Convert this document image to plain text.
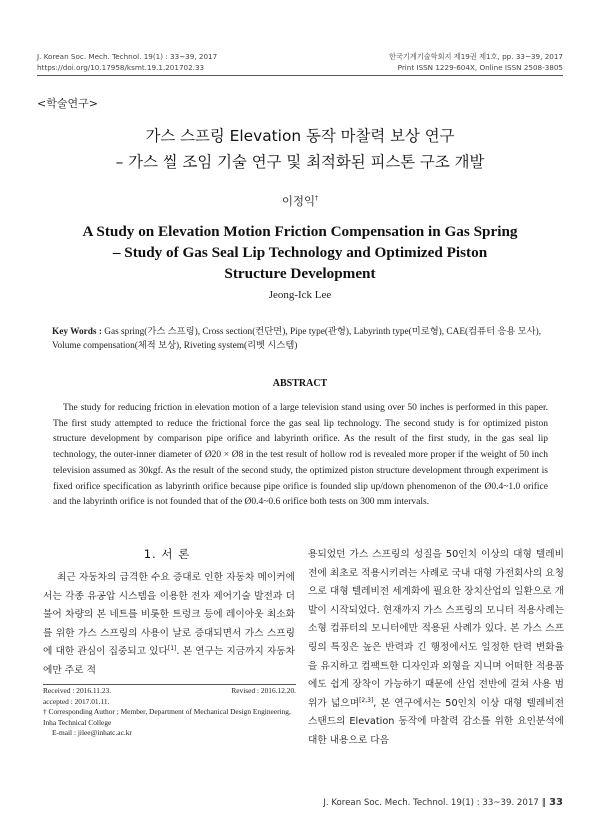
J. Korean Soc. Mech. Technol. 19(1) : 33~39, 2017
https://doi.org/10.17958/ksmt.19.1.201702.33
한국기계기술학회지 제19권 제1호, pp. 33~39, 2017
Print ISSN 1229-604X, Online ISSN 2508-3805
<학술연구>
가스 스프링 Elevation 동작 마찰력 보상 연구
– 가스 씰 조임 기술 연구 및 최적화된 피스톤 구조 개발
이정익†
A Study on Elevation Motion Friction Compensation in Gas Spring
– Study of Gas Seal Lip Technology and Optimized Piston
Structure Development
Jeong-Ick Lee
Key Words : Gas spring(가스 스프링), Cross section(컨단면), Pipe type(관형), Labyrinth type(미로형), CAE(컴퓨터 응용 모사), Volume compensation(체적 보상), Riveting system(리벳 시스템)
ABSTRACT
The study for reducing friction in elevation motion of a large television stand using over 50 inches is performed in this paper. The first study attempted to reduce the frictional force the gas seal lip technology. The second study is for optimized piston structure development by comparison pipe orifice and labyrinth orifice. As the result of the first study, in the gas seal lip technology, the outer-inner diameter of Ø20 × Ø8 in the test result of hollow rod is revealed more proper if the weight of 50 inch television assumed as 30kgf. As the result of the second study, the optimized piston structure development through experiment is fixed orifice specification as labyrinth orifice because pipe orifice is founded slip up/down phenomenon of the Ø0.4~1.0 orifice and the labyrinth orifice is not founded that of the Ø0.4~0.6 orifice both tests on 300 mm intervals.
1. 서 론
최근 자동차의 급격한 수요 증대로 인한 자동차 메이커에서는 각종 유공압 시스템을 이용한 전자 제어기술 발전과 더불어 차량의 본 네트를 비롯한 트렁크 등에 레이아웃 최소화를 위한 가스 스프링의 사용이 날로 증대되면서 가스 스프링에 대한 관심이 집중되고 있다[1]. 본 연구는 지금까지 자동차에만 주로 적
용되었던 가스 스프링의 성질을 50인치 이상의 대형 텔레비전에 최초로 적용시키려는 사례로 국내 대형 가전회사의 요청으로 대형 텔레비전 세계화에 필요한 장치산업의 일환으로 개발이 시작되었다. 현재까지 가스 스프링의 모니터 적용사례는 소형 컴퓨터의 모니터에만 적용된 사례가 있다. 본 가스 스프링의 특징은 높은 반력과 긴 행정에서도 일정한 탄력 변화율을 유지하고 컴팩트한 디자인과 외형을 지니며 어떠한 적용품에도 쉽게 장착이 가능하기 때문에 산업 전반에 걸쳐 사용 범위가 넓으며[2,3], 본 연구에서는 50인치 이상 대형 텔레비전 스탠드의 Elevation 동작에 마찰력 감소를 위한 요인분석에 대한 내용으로 다음
Received : 2016.11.23.	Revised : 2016.12.20.
accepted : 2017.01.11.
† Corresponding Author ; Member, Department of Mechanical Design Engineering, Inha Technical College
E-mail : jilee@inhatc.ac.kr
J. Korean Soc. Mech. Technol. 19(1) : 33~39. 2017 ‖ 33
